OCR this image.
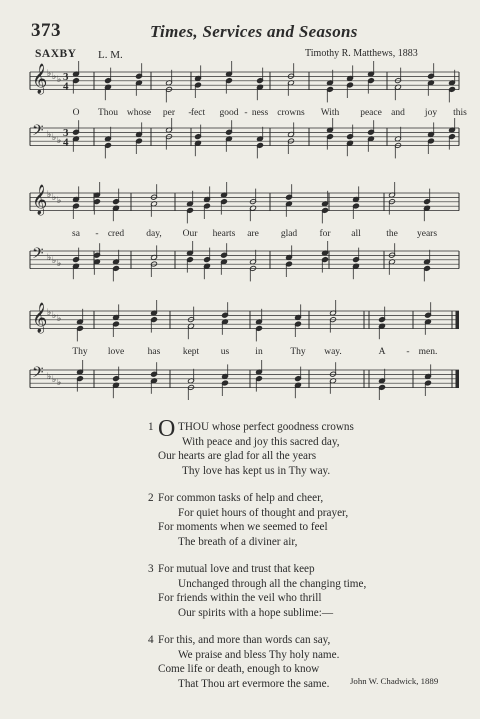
373	Times, Services and Seasons
SAXBY L. M.	Timothy R. Matthews, 1883
𝄞 ♭ ♭ ♭ 3
4
𝄢 ♭ ♭ ♭
3
4
𝄞 ♭ ♭ ♭
𝄢 ♭ ♭ ♭
𝄞 ♭ ♭ ♭
𝄢 ♭ ♭ ♭
O Thou whose per - fect good - ness crowns With peace and joy this
sa - cred day, Our hearts are glad for all	the years
Thy love has kept us	in	Thy way.	A - men.
1 O THOU whose perfect goodness crowns
With peace and joy this sacred day,
Our hearts are glad for all the years
Thy love has kept us in Thy way.
2 For common tasks of help and cheer,
For quiet hours of thought and prayer,
For moments when we seemed to feel
The breath of a diviner air,
3 For mutual love and trust that keep
Unchanged through all the changing time,
For friends within the veil who thrill
Our spirits with a hope sublime:—
4 For this, and more than words can say,
We praise and bless Thy holy name.
Come life or death, enough to know
That Thou art evermore the same.	John W. Chadwick, 1889
